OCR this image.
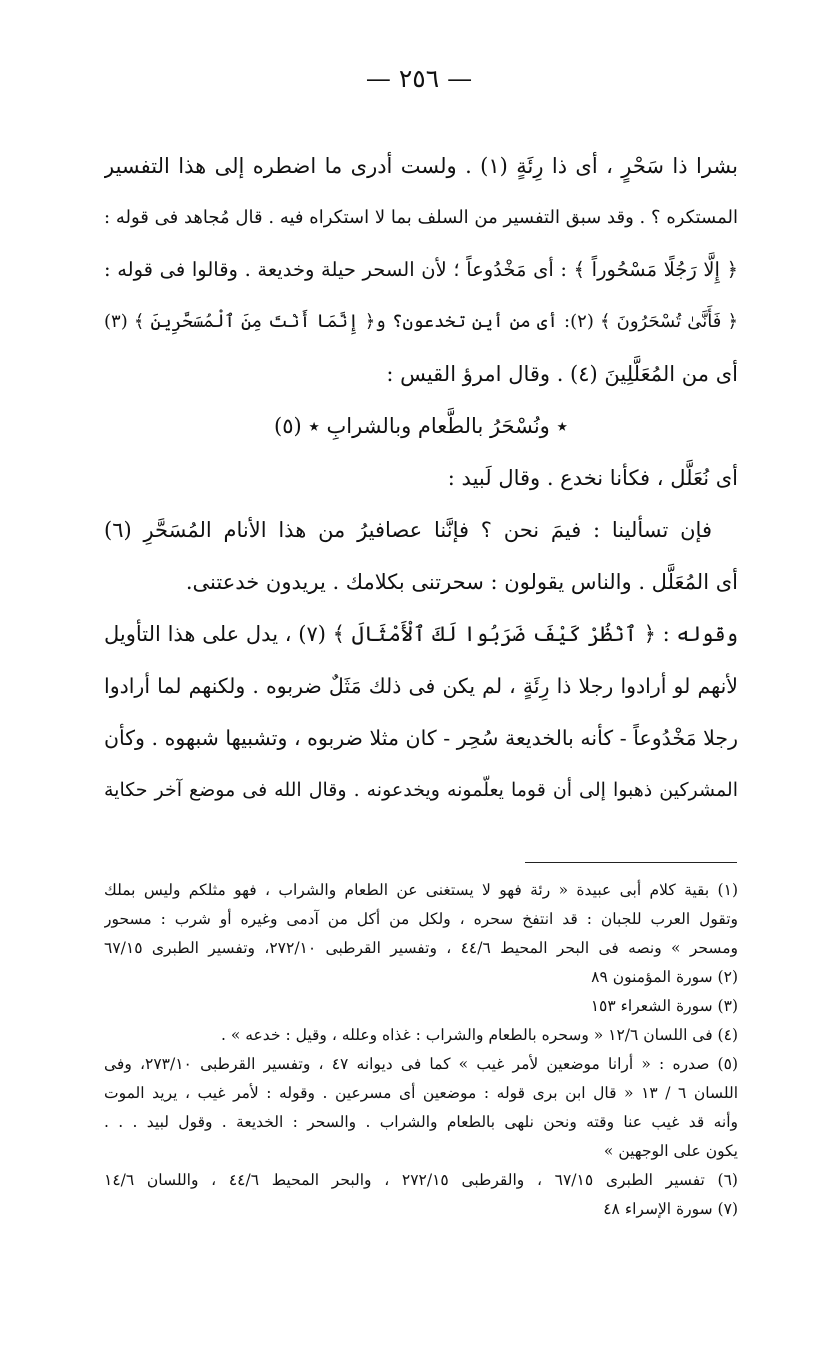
— ٢٥٦ —
بشرا ذا سَحْرٍ ، أى ذا رِئَةٍ (١) . ولست أدرى ما اضطره إلى هذا التفسير
المستكره ؟ . وقد سبق التفسير من السلف بما لا استكراه فيه . قال مُجاهد فى قوله :
﴿ إِلَّا رَجُلًا مَسْحُوراً ﴾ : أى مَخْدُوعاً ؛ لأن السحر حيلة وخديعة . وقالوا فى قوله :
﴿ فَأَنَّىٰ تُسْحَرُونَ ﴾ (٢): أى من أين تخدعون؟ و﴿ إِنَّمَا أَنْتَ مِنَ ٱلْمُسَحَّرِينَ ﴾ (٣)
أى من المُعَلَّلِينَ (٤) . وقال امرؤ القيس :
٭ ونُسْحَرُ بالطَّعام وبالشرابِ ٭ (٥)
أى نُعَلَّل ، فكأنا نخدع . وقال لَبيد :
فإن تسألينا : فيمَ نحن ؟ فإنَّنا عصافيرُ من هذا الأنام المُسَحَّرِ (٦)
أى المُعَلَّل . والناس يقولون : سحرتنى بكلامك . يريدون خدعتنى.
وقوله : ﴿ ٱنْظُرْ كَيْفَ ضَرَبُوا لَكَ ٱلْأَمْثَالَ ﴾ (٧) ، يدل على هذا التأويل
لأنهم لو أرادوا رجلا ذا رِئَةٍ ، لم يكن فى ذلك مَثَلٌ ضربوه . ولكنهم لما أرادوا
رجلا مَخْدُوعاً - كأنه بالخديعة سُحِر - كان مثلا ضربوه ، وتشبيها شبهوه . وكأن
المشركين ذهبوا إلى أن قوما يعلّمونه ويخدعونه . وقال الله فى موضع آخر حكاية
(١) بقية كلام أبى عبيدة « رئة فهو لا يستغنى عن الطعام والشراب ، فهو مثلكم وليس بملك
وتقول العرب للجبان : قد انتفخ سحره ، ولكل من أكل من آدمى وغيره أو شرب : مسحور
ومسحر » ونصه فى البحر المحيط ٤٤/٦ ، وتفسير القرطبى ٢٧٢/١٠، وتفسير الطبرى ٦٧/١٥
(٢) سورة المؤمنون ٨٩
(٣) سورة الشعراء ١٥٣
(٤) فى اللسان ١٢/٦ « وسحره بالطعام والشراب : غذاه وعلله ، وقيل : خدعه » .
(٥) صدره : « أرانا موضعين لأمر غيب » كما فى ديوانه ٤٧ ، وتفسير القرطبى ٢٧٣/١٠، وفى
اللسان ٦ / ١٣ « قال ابن برى قوله : موضعين أى مسرعين . وقوله : لأمر غيب ، يريد الموت
وأنه قد غيب عنا وقته ونحن نلهى بالطعام والشراب . والسحر : الخديعة . وقول لبيد . . .
يكون على الوجهين »
(٦) تفسير الطبرى ٦٧/١٥ ، والقرطبى ٢٧٢/١٥ ، والبحر المحيط ٤٤/٦ ، واللسان ١٤/٦
(٧) سورة الإسراء ٤٨
